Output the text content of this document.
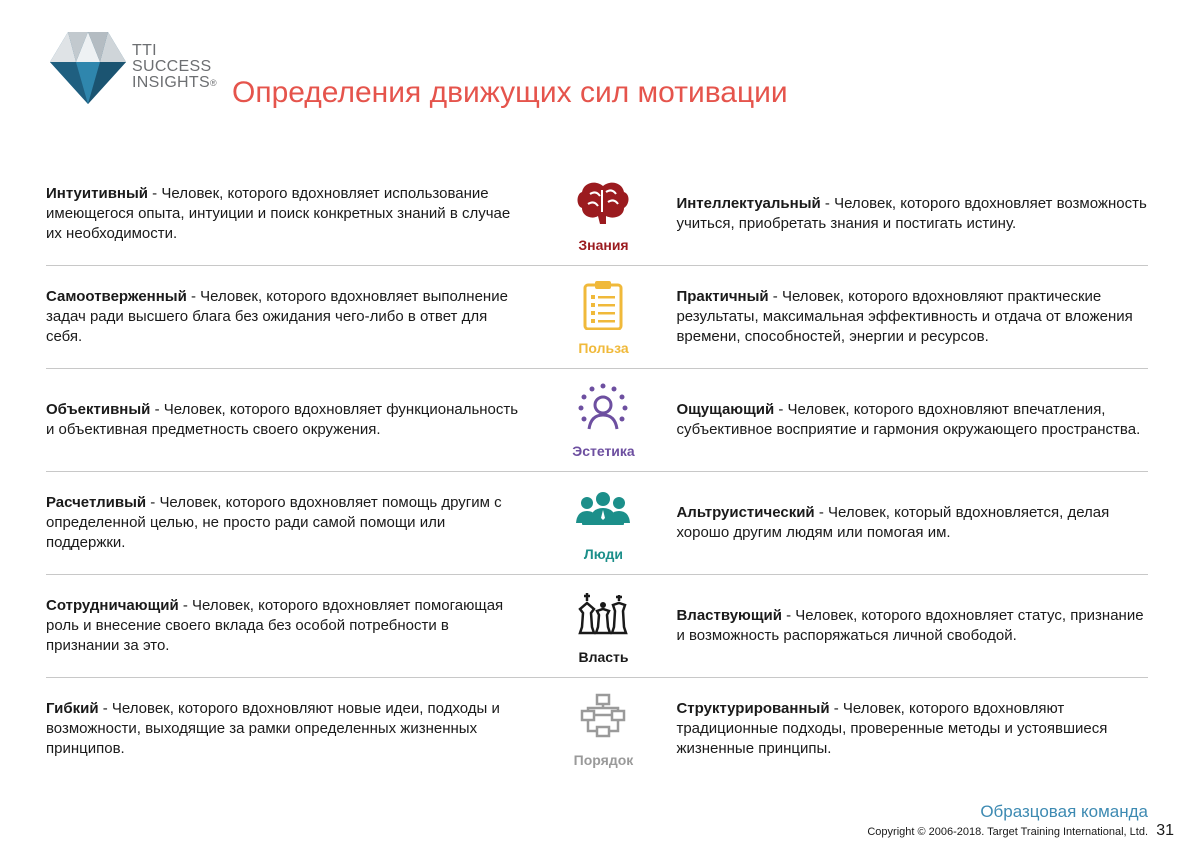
TTI
SUCCESS
INSIGHTS® Определения движущих сил мотивации
Интуитивный - Человек, которого вдохновляет использование имеющегося опыта, интуиции и поиск конкретных знаний в случае их необходимости.
Знания
Интеллектуальный - Человек, которого вдохновляет возможность учиться, приобретать знания и постигать истину.
Самоотверженный - Человек, которого вдохновляет выполнение задач ради высшего блага без ожидания чего-либо в ответ для себя.
Польза
Практичный - Человек, которого вдохновляют практические результаты, максимальная эффективность и отдача от вложения времени, способностей, энергии и ресурсов.
Объективный - Человек, которого вдохновляет функциональность и объективная предметность своего окружения.
Эстетика
Ощущающий - Человек, которого вдохновляют впечатления, субъективное восприятие и гармония окружающего пространства.
Расчетливый - Человек, которого вдохновляет помощь другим с определенной целью, не просто ради самой помощи или поддержки.
Люди
Альтруистический - Человек, который вдохновляется, делая хорошо другим людям или помогая им.
Сотрудничающий - Человек, которого вдохновляет помогающая роль и внесение своего вклада без особой потребности в признании за это.
Власть
Властвующий - Человек, которого вдохновляет статус, признание и возможность распоряжаться личной свободой.
Гибкий - Человек, которого вдохновляют новые идеи, подходы и возможности, выходящие за рамки определенных жизненных принципов.
Порядок
Структурированный - Человек, которого вдохновляют традиционные подходы, проверенные методы и устоявшиеся жизненные принципы.
Образцовая команда
Copyright © 2006-2018. Target Training International, Ltd. 31
